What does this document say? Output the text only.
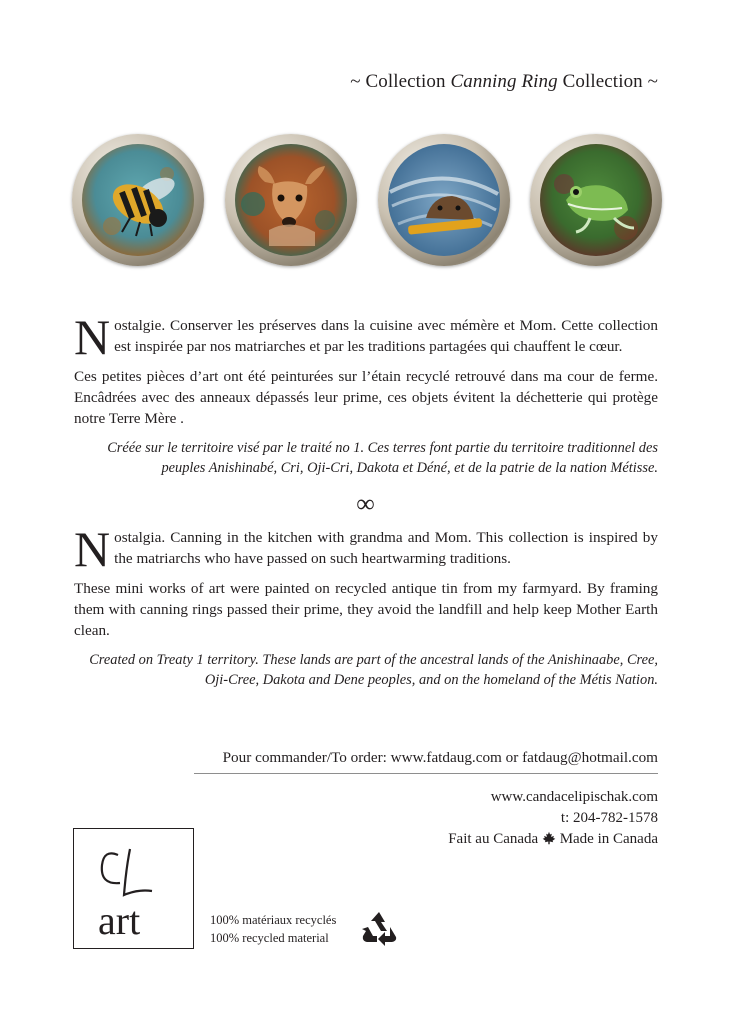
~ Collection Canning Ring Collection ~

Nostalgie. Conserver les préserves dans la cuisine avec mémère et Mom. Cette collection est inspirée par nos matriarches et par les traditions partagées qui chauffent le cœur.

Ces petites pièces d’art ont été peinturées sur l’étain recyclé retrouvé dans ma cour de ferme. Encâdrées avec des anneaux dépassés leur prime, ces objets évitent la déchetterie qui protège notre Terre Mère .

Créée sur le territoire visé par le traité no 1. Ces terres font partie du territoire traditionnel des peuples Anishinabé, Cri, Oji-Cri, Dakota et Déné, et de la patrie de la nation Métisse.

∞

Nostalgia. Canning in the kitchen with grandma and Mom. This collection is inspired by the matriarchs who have passed on such heartwarming traditions.

These mini works of art were painted on recycled antique tin from my farmyard. By framing them with canning rings passed their prime, they avoid the landfill and help keep Mother Earth clean.

Created on Treaty 1 territory. These lands are part of the ancestral lands of the Anishinaabe, Cree, Oji-Cree, Dakota and Dene peoples, and on the homeland of the Métis Nation.

Pour commander/To order: www.fatdaug.com or fatdaug@hotmail.com
www.candacelipischak.com
t: 204-782-1578
Fait au Canada Made in Canada
art	100% matériaux recyclés
100% recycled material
